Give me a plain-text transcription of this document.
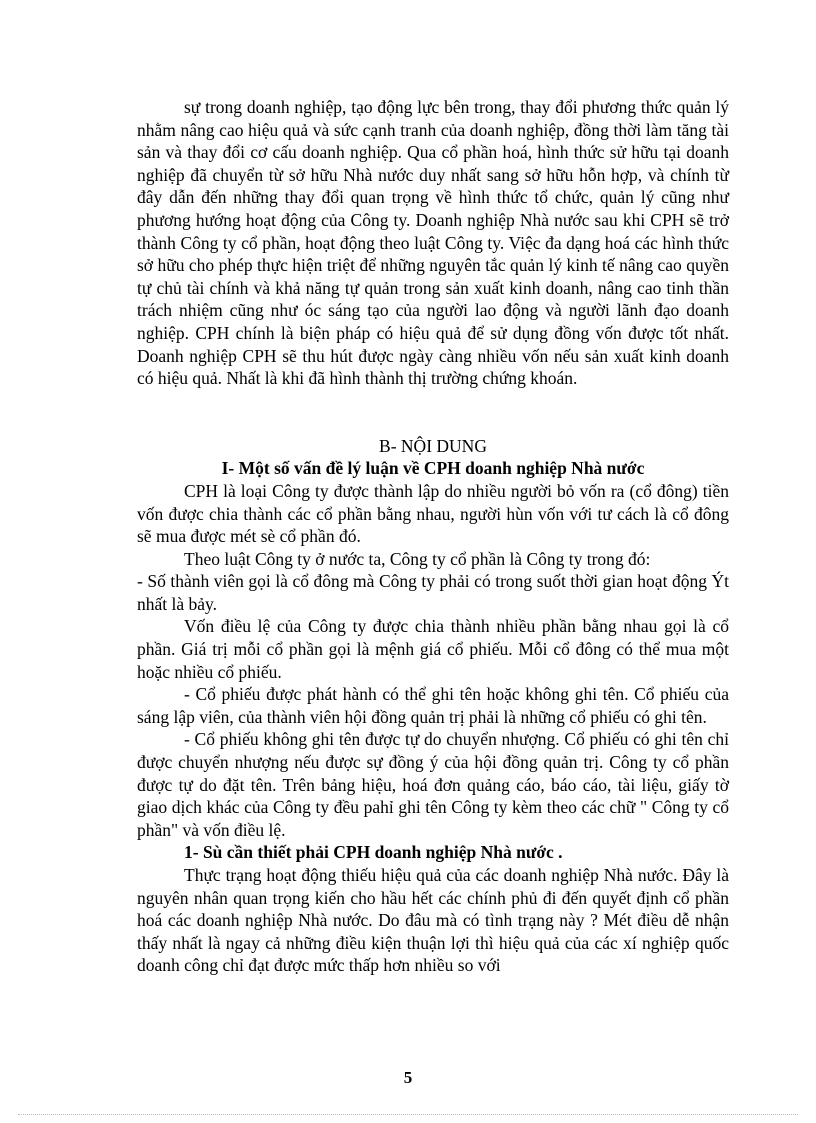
sự trong doanh nghiệp, tạo động lực bên trong, thay đổi phương thức quản lý nhằm nâng cao hiệu quả và sức cạnh tranh của doanh nghiệp, đồng thời làm tăng tài sản và thay đổi cơ cấu doanh nghiệp. Qua cổ phần hoá, hình thức sử hữu tại doanh nghiệp đã chuyển từ sở hữu Nhà nước duy nhất sang sở hữu hỗn hợp, và chính từ đây dẫn đến những thay đổi quan trọng về hình thức tổ chức, quản lý cũng như phương hướng hoạt động của Công ty. Doanh nghiệp Nhà nước sau khi CPH sẽ trở thành Công ty cổ phần, hoạt động theo luật Công ty. Việc đa dạng hoá các hình thức sở hữu cho phép thực hiện triệt để những nguyên tắc quản lý kinh tế nâng cao quyền tự chủ tài chính và khả năng tự quản trong sản xuất kinh doanh, nâng cao tinh thần trách nhiệm cũng như óc sáng tạo của người lao động và người lãnh đạo doanh nghiệp. CPH chính là biện pháp có hiệu quả để sử dụng đồng vốn được tốt nhất. Doanh nghiệp CPH sẽ thu hút được ngày càng nhiều vốn nếu sản xuất kinh doanh có hiệu quả. Nhất là khi đã hình thành thị trường chứng khoán.

B- NỘI DUNG

I- Một số vấn đề lý luận về CPH doanh nghiệp Nhà nước

CPH là loại Công ty được thành lập do nhiều người bỏ vốn ra (cổ đông) tiền vốn được chia thành các cổ phần bằng nhau, người hùn vốn với tư cách là cổ đông sẽ mua được mét sè cổ phần đó.

Theo luật Công ty ở nước ta, Công ty cổ phần là Công ty trong đó:

- Số thành viên gọi là cổ đông mà Công ty phải có trong suốt thời gian hoạt động Ýt nhất là bảy.

Vốn điều lệ của Công ty được chia thành nhiều phần bằng nhau gọi là cổ phần. Giá trị mỗi cổ phần gọi là mệnh giá cổ phiếu. Mỗi cổ đông có thể mua một hoặc nhiều cổ phiếu.

- Cổ phiếu được phát hành có thể ghi tên hoặc không ghi tên. Cổ phiếu của sáng lập viên, của thành viên hội đồng quản trị phải là những cổ phiếu có ghi tên.

- Cổ phiếu không ghi tên được tự do chuyển nhượng. Cổ phiếu có ghi tên chỉ được chuyển nhượng nếu được sự đồng ý của hội đồng quản trị. Công ty cổ phần được tự do đặt tên. Trên bảng hiệu, hoá đơn quảng cáo, báo cáo, tài liệu, giấy tờ giao dịch khác của Công ty đều pahỉ ghi tên Công ty kèm theo các chữ " Công ty cổ phần" và vốn điều lệ.

1- Sù cần thiết phải CPH doanh nghiệp Nhà nước .

Thực trạng hoạt động thiếu hiệu quả của các doanh nghiệp Nhà nước. Đây là nguyên nhân quan trọng kiến cho hầu hết các chính phủ đi đến quyết định cổ phần hoá các doanh nghiệp Nhà nước. Do đâu mà có tình trạng này ? Mét điều dễ nhận thấy nhất là ngay cả những điều kiện thuận lợi thì hiệu quả của các xí nghiệp quốc doanh công chỉ đạt được mức thấp hơn nhiều so với

5
